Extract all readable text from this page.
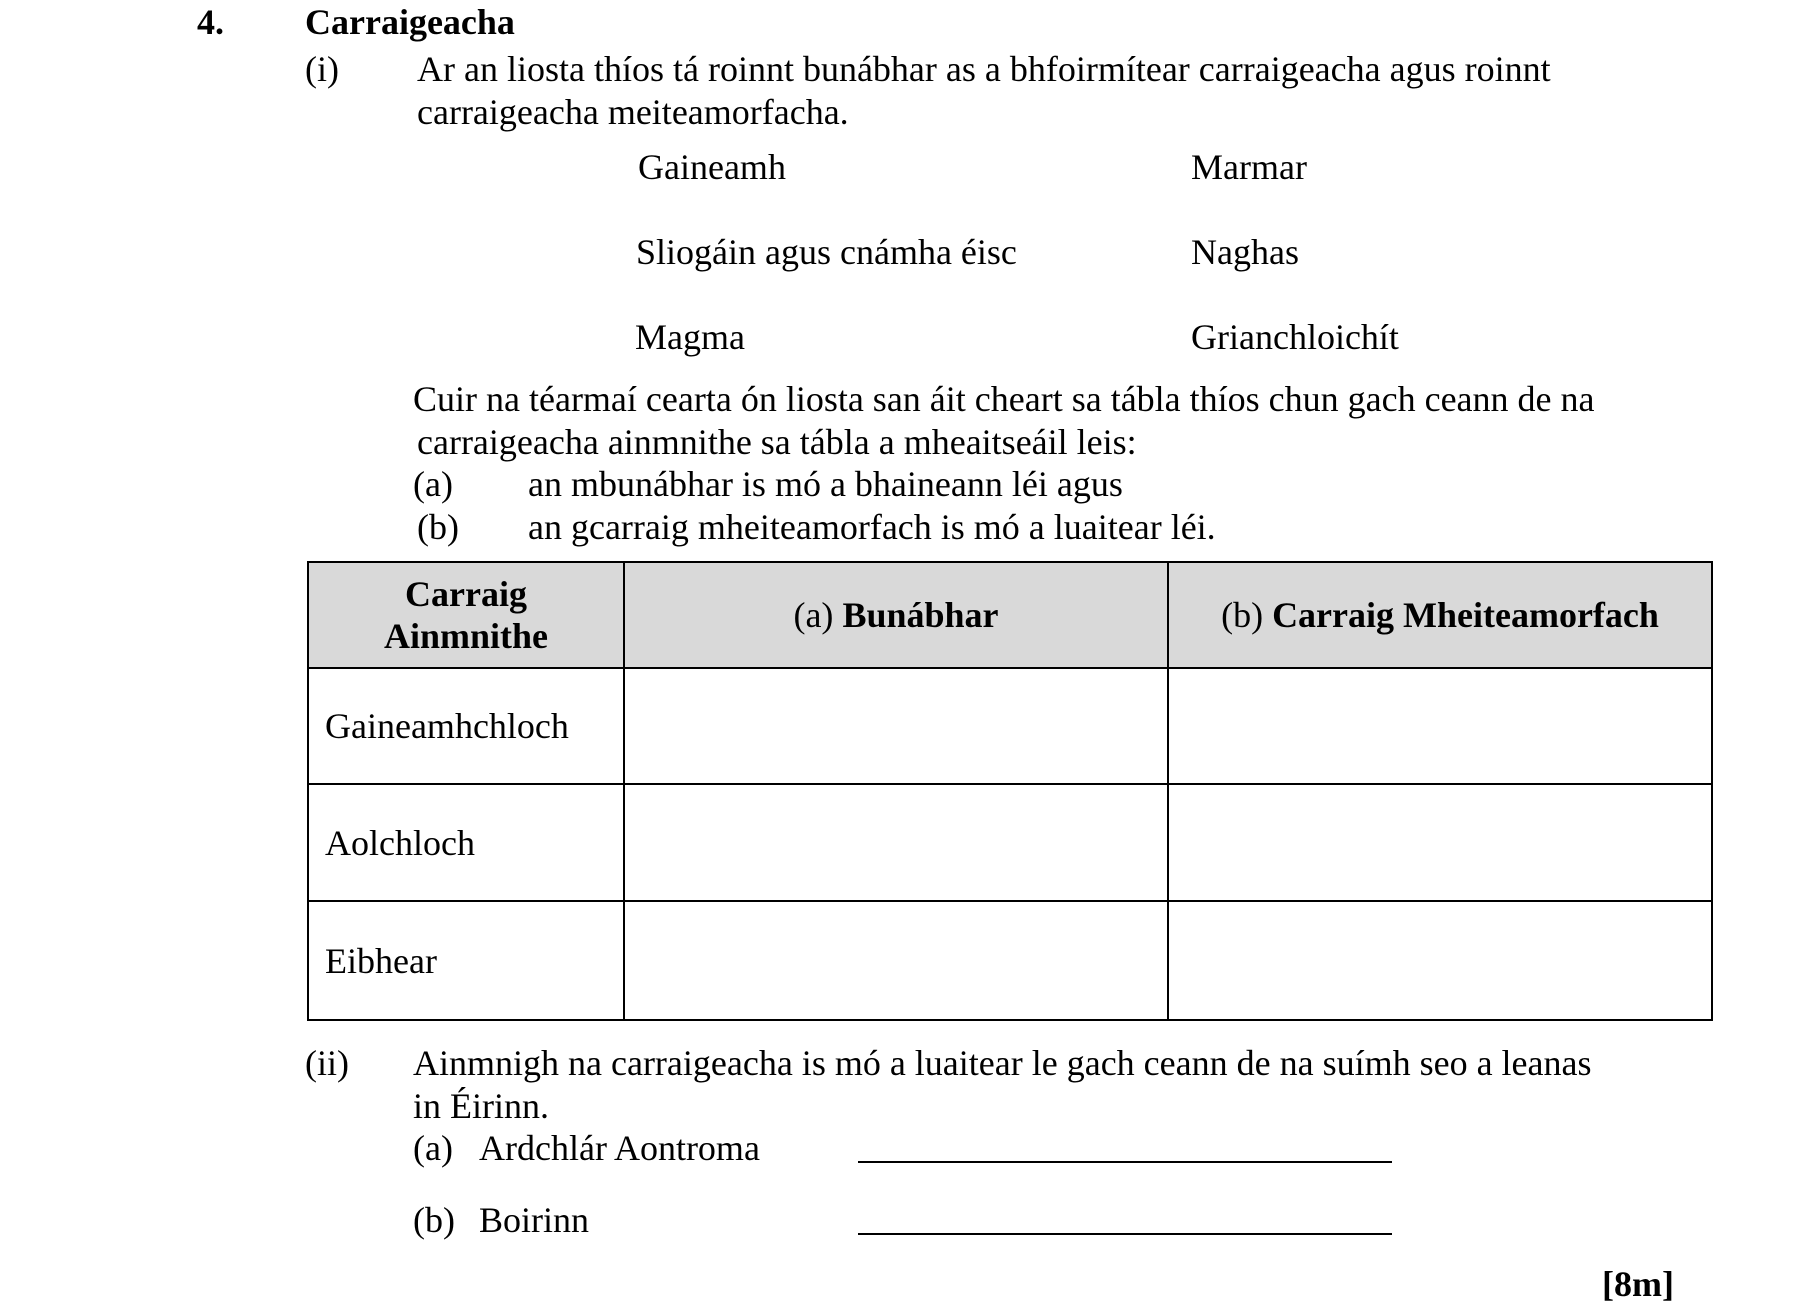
4. Carraigeacha
(i) Ar an liosta thíos tá roinnt bunábhar as a bhfoirmítear carraigeacha agus roinnt
carraigeacha meiteamorfacha.
Gaineamh	Marmar
Sliogáin agus cnámha éisc	Naghas
Magma	Grianchloichít
Cuir na téarmaí cearta ón liosta san áit cheart sa tábla thíos chun gach ceann de na
carraigeacha ainmnithe sa tábla a mheaitseáil leis:
(a) an mbunábhar is mó a bhaineann léi agus
(b) an gcarraig mheiteamorfach is mó a luaitear léi.
Carraig
Ainmnithe	(a) Bunábhar	(b) Carraig Mheiteamorfach
Gaineamhchloch		
Aolchloch		
Eibhear		
(ii) Ainmnigh na carraigeacha is mó a luaitear le gach ceann de na suímh seo a leanas
in Éirinn.
(a) Ardchlár Aontroma
(b) Boirinn
[8m]
